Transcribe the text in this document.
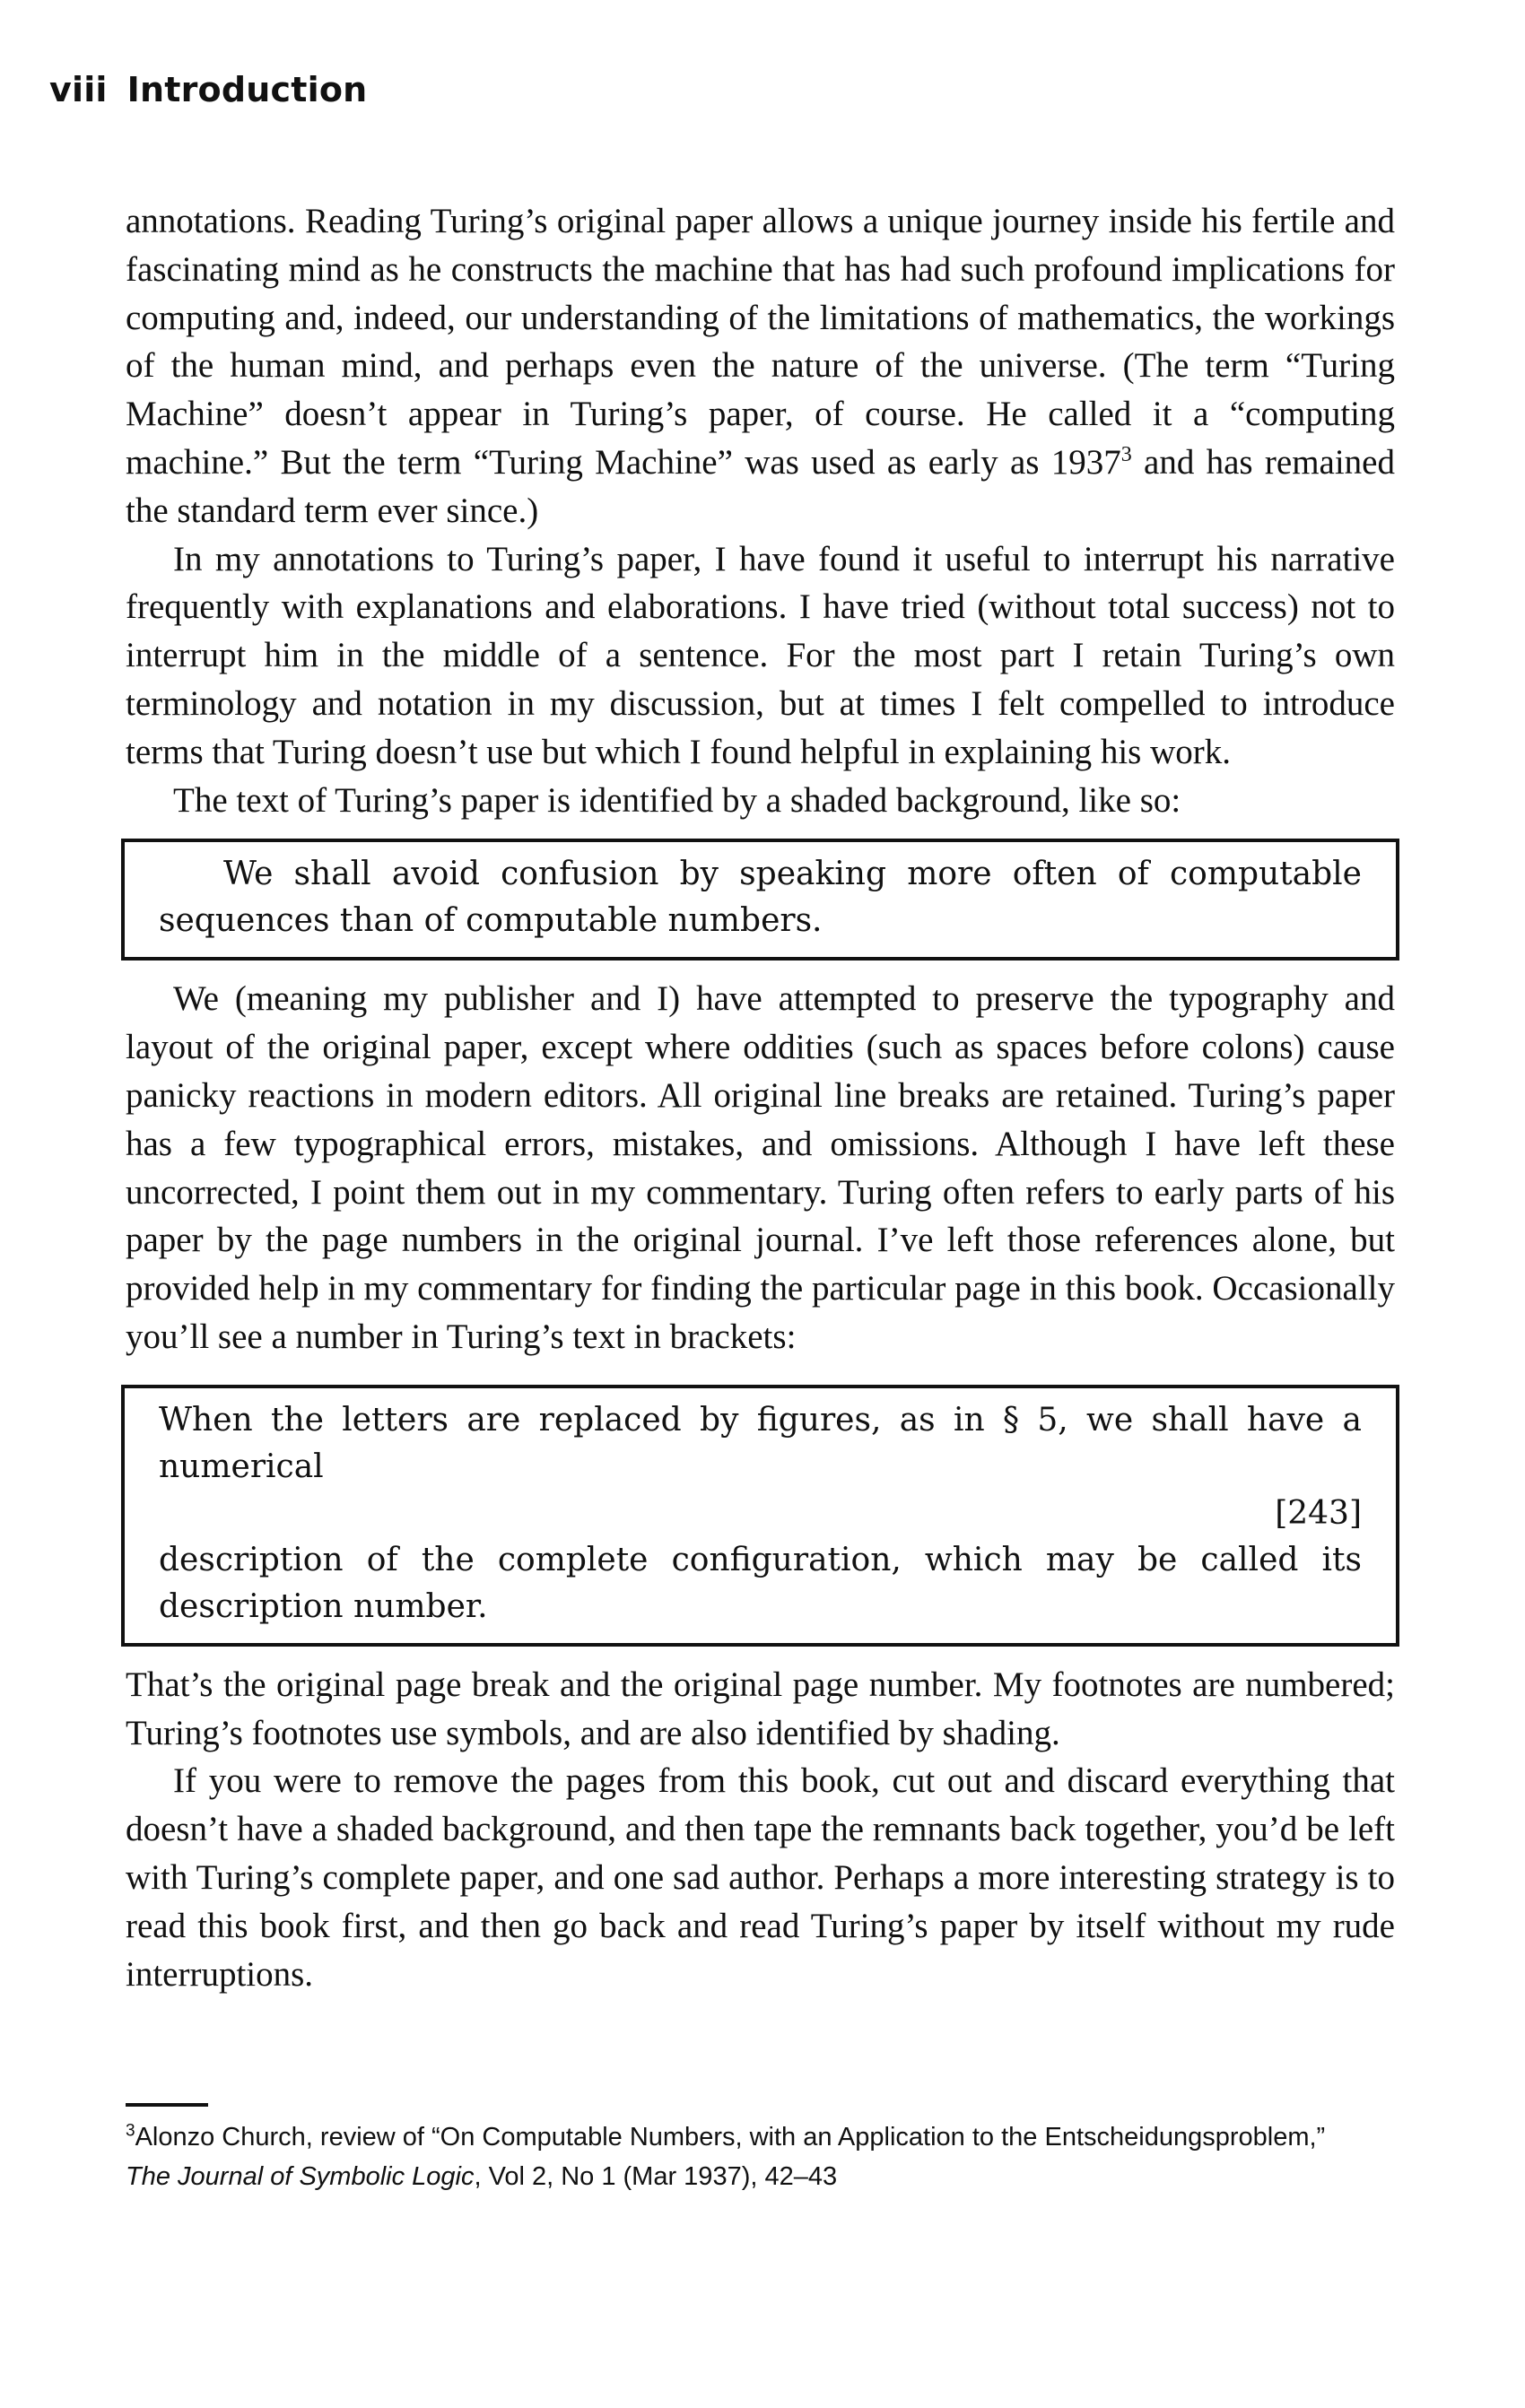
viii Introduction

annotations. Reading Turing’s original paper allows a unique journey inside his fertile and fascinating mind as he constructs the machine that has had such profound implications for computing and, indeed, our understanding of the limitations of mathematics, the workings of the human mind, and perhaps even the nature of the universe. (The term “Turing Machine” doesn’t appear in Turing’s paper, of course. He called it a “computing machine.” But the term “Turing Machine” was used as early as 1937$^3$ and has remained the standard term ever since.)

In my annotations to Turing’s paper, I have found it useful to interrupt his narrative frequently with explanations and elaborations. I have tried (without total success) not to interrupt him in the middle of a sentence. For the most part I retain Turing’s own terminology and notation in my discussion, but at times I felt compelled to introduce terms that Turing doesn’t use but which I found helpful in explaining his work.

The text of Turing’s paper is identified by a shaded background, like so:

We shall avoid confusion by speaking more often of computable sequences than of computable numbers.

We (meaning my publisher and I) have attempted to preserve the typography and layout of the original paper, except where oddities (such as spaces before colons) cause panicky reactions in modern editors. All original line breaks are retained. Turing’s paper has a few typographical errors, mistakes, and omissions. Although I have left these uncorrected, I point them out in my commentary. Turing often refers to early parts of his paper by the page numbers in the original journal. I’ve left those references alone, but provided help in my commentary for finding the particular page in this book. Occasionally you’ll see a number in Turing’s text in brackets:

When the letters are replaced by figures, as in § 5, we shall have a numerical

[243]

description of the complete configuration, which may be called its description number.

That’s the original page break and the original page number. My footnotes are numbered; Turing’s footnotes use symbols, and are also identified by shading.

If you were to remove the pages from this book, cut out and discard everything that doesn’t have a shaded background, and then tape the remnants back together, you’d be left with Turing’s complete paper, and one sad author. Perhaps a more interesting strategy is to read this book first, and then go back and read Turing’s paper by itself without my rude interruptions.

$^3$Alonzo Church, review of “On Computable Numbers, with an Application to the Entscheidungsproblem,”
The Journal of Symbolic Logic, Vol 2, No 1 (Mar 1937), 42–43
